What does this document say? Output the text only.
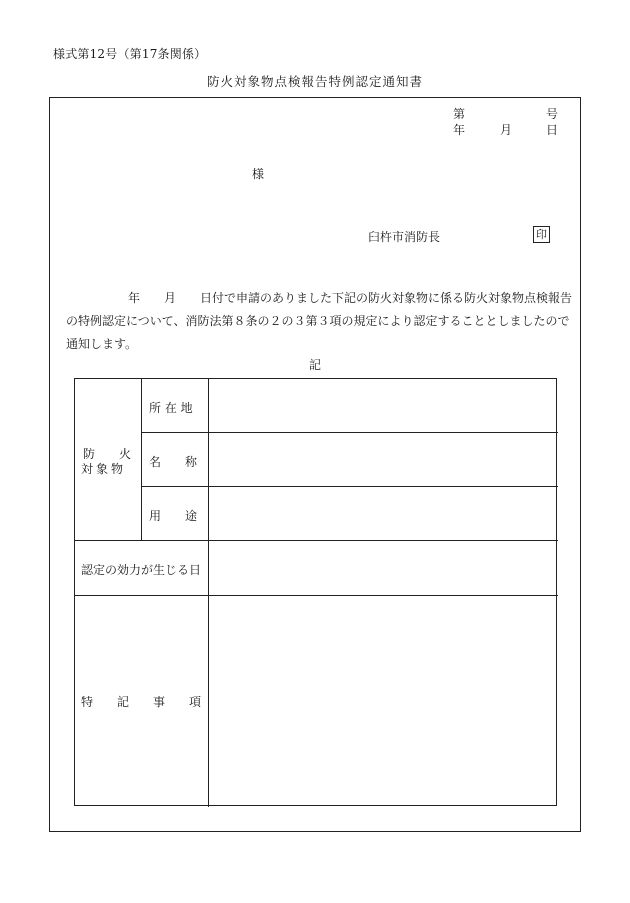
様式第12号（第17条関係）
防火対象物点検報告特例認定通知書
第	号
年	月	日
様
臼杵市消防長	印
年　　月　　日付で申請のありました下記の防火対象物に係る防火対象物点検報告
の特例認定について、消防法第８条の２の３第３項の規定により認定することとしましたので
通知します。
記
防　　火
対象物
所 在 地
名　　称
用　　途
認定の効力が生じる日
特　　記　　事　　項
